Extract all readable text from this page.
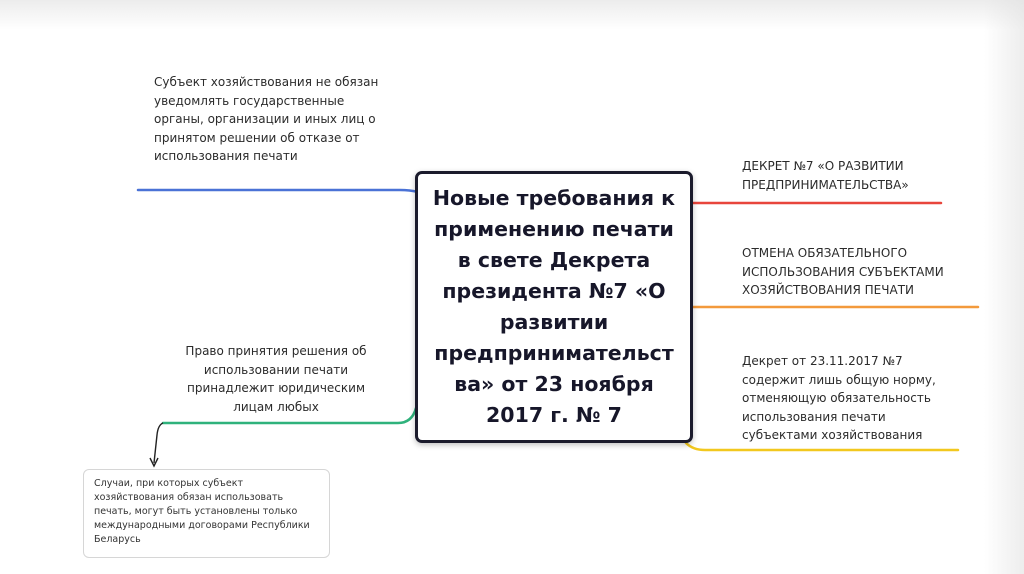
Субъект хозяйствования не обязан уведомлять государственные органы, организации и иных лиц о принятом решении об отказе от использования печати
Право принятия решения об использовании печати принадлежит юридическим лицам любых
ДЕКРЕТ №7 «О РАЗВИТИИ ПРЕДПРИНИМАТЕЛЬСТВА»
ОТМЕНА ОБЯЗАТЕЛЬНОГО ИСПОЛЬЗОВАНИЯ СУБЪЕКТАМИ ХОЗЯЙСТВОВАНИЯ ПЕЧАТИ
Декрет от 23.11.2017 №7 содержит лишь общую норму, отменяющую обязательность использования печати субъектами хозяйствования
Новые требования к применению печати в свете Декрета президента №7 «О развитии предпринимательст ва» от 23 ноября 2017 г. № 7
Случаи, при которых субъект хозяйствования обязан использовать печать, могут быть установлены только международными договорами Республики Беларусь
